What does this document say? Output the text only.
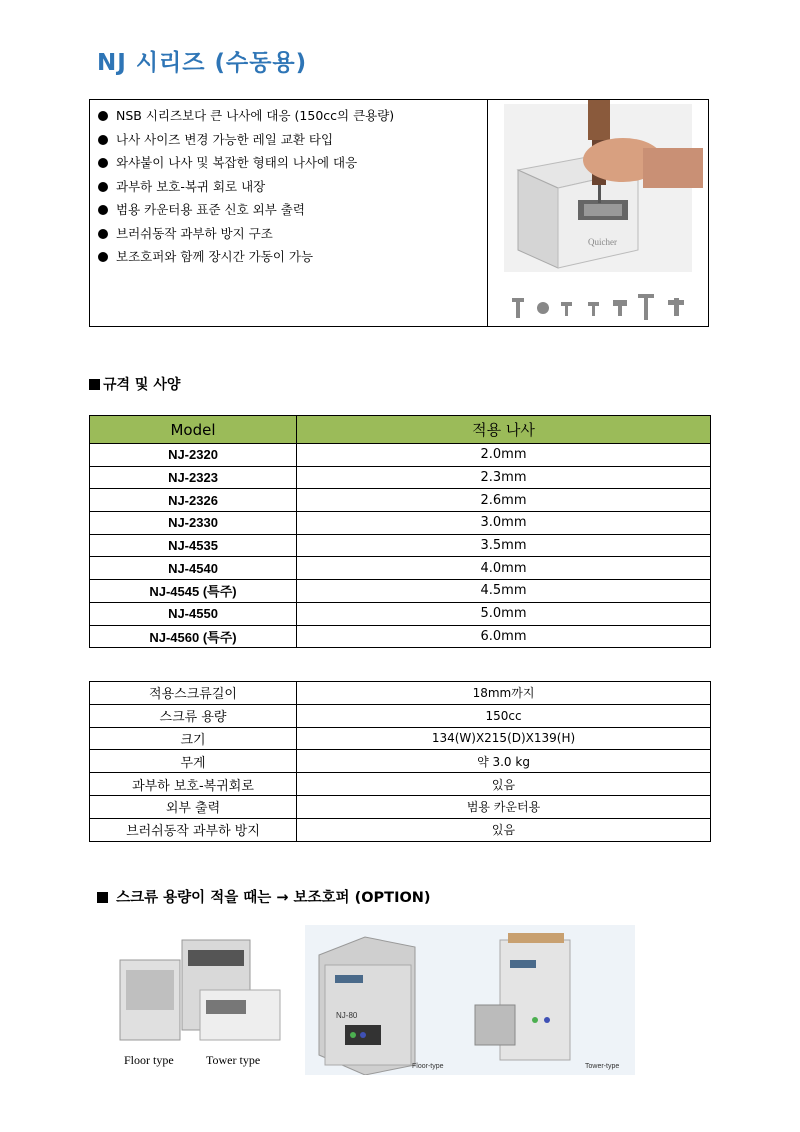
NJ 시리즈 (수동용)
NSB 시리즈보다 큰 나사에 대응 (150cc의 큰용량)
나사 사이즈 변경 가능한 레일 교환 타입
와샤붙이 나사 및 복잡한 형태의 나사에 대응
과부하 보호-복귀 회로 내장
범용 카운터용 표준 신호 외부 출력
브러쉬동작 과부하 방지 구조
보조호퍼와 함께 장시간 가동이 가능
Quicher
규격 및 사양
Model	적용 나사
NJ-2320	2.0mm
NJ-2323	2.3mm
NJ-2326	2.6mm
NJ-2330	3.0mm
NJ-4535	3.5mm
NJ-4540	4.0mm
NJ-4545 (특주)	4.5mm
NJ-4550	5.0mm
NJ-4560 (특주)	6.0mm
적용스크류길이	18mm까지
스크류 용량	150cc
크기	134(W)X215(D)X139(H)
무게	약 3.0 kg
과부하 보호-복귀회로	있음
외부 출력	범용 카운터용
브러쉬동작 과부하 방지	있음
스크류 용량이 적을 때는 → 보조호퍼 (OPTION)
Floor type	Tower type
NJ-80
Floor-type	Tower-type
